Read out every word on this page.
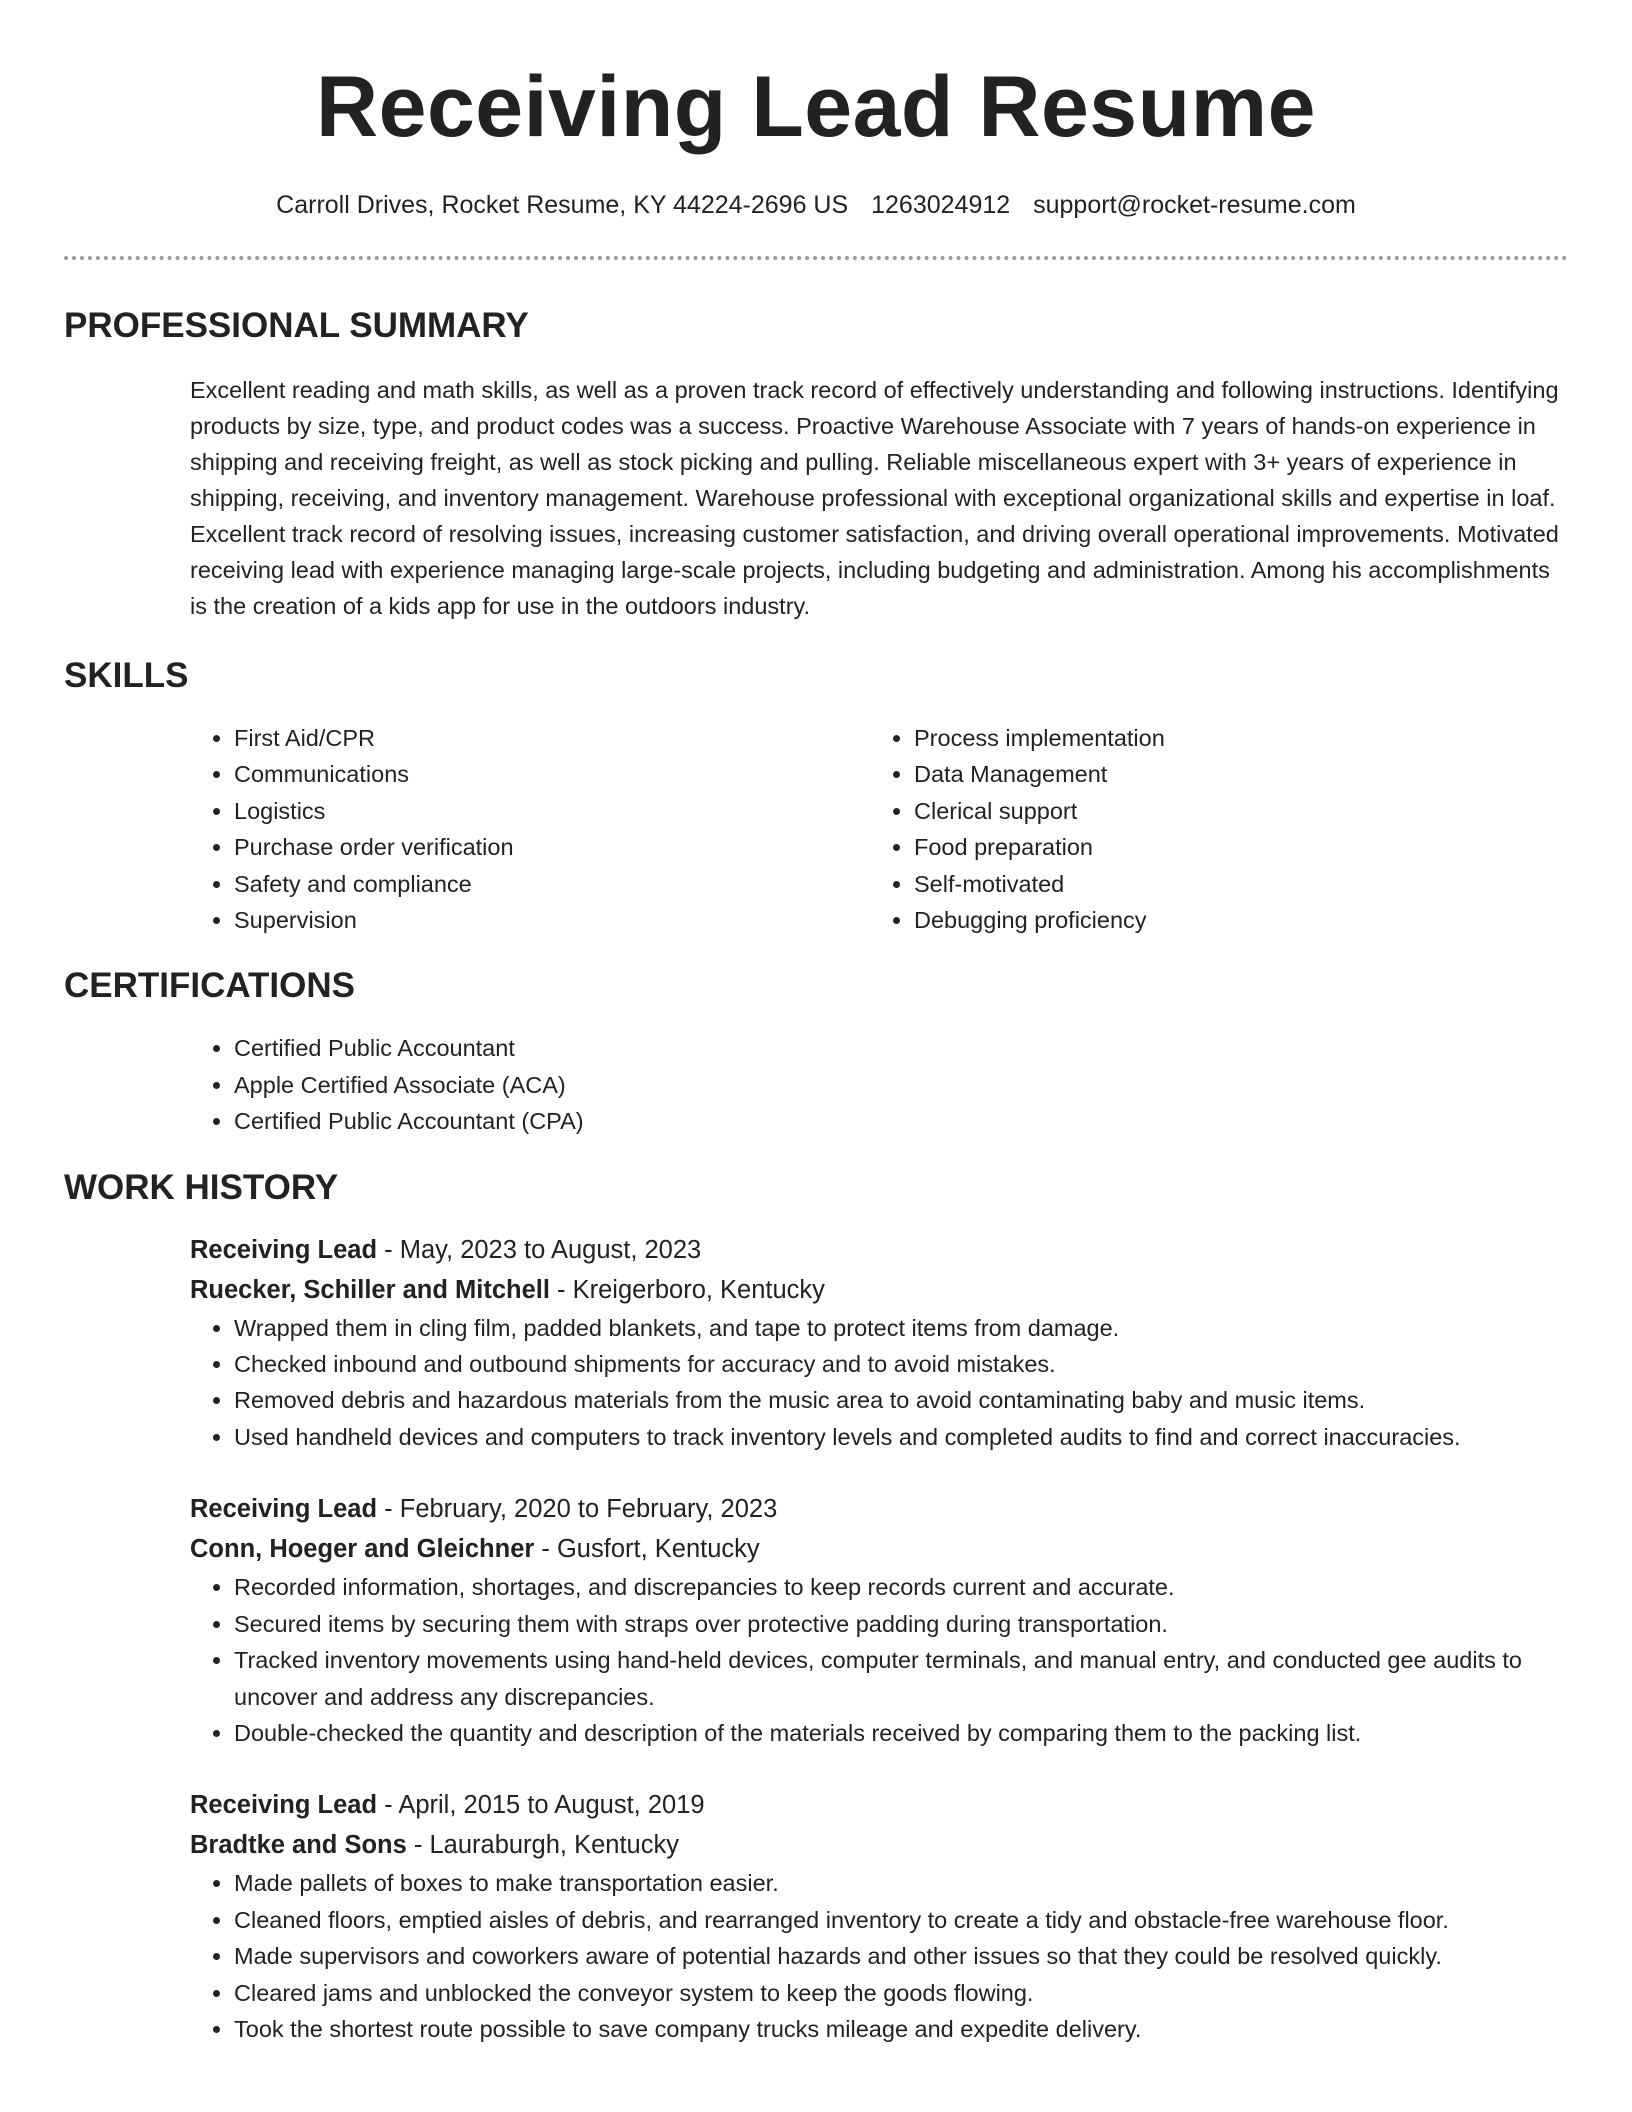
Receiving Lead Resume
Carroll Drives, Rocket Resume, KY 44224-2696 US 1263024912 support@rocket-resume.com
PROFESSIONAL SUMMARY

Excellent reading and math skills, as well as a proven track record of effectively understanding and following instructions. Identifying products by size, type, and product codes was a success. Proactive Warehouse Associate with 7 years of hands-on experience in shipping and receiving freight, as well as stock picking and pulling. Reliable miscellaneous expert with 3+ years of experience in shipping, receiving, and inventory management. Warehouse professional with exceptional organizational skills and expertise in loaf. Excellent track record of resolving issues, increasing customer satisfaction, and driving overall operational improvements. Motivated receiving lead with experience managing large-scale projects, including budgeting and administration. Among his accomplishments is the creation of a kids app for use in the outdoors industry.

SKILLS
• First Aid/CPR
• Communications
• Logistics
• Purchase order verification
• Safety and compliance
• Supervision
• Process implementation
• Data Management
• Clerical support
• Food preparation
• Self-motivated
• Debugging proficiency
CERTIFICATIONS
• Certified Public Accountant
• Apple Certified Associate (ACA)
• Certified Public Accountant (CPA)
WORK HISTORY
Receiving Lead - May, 2023 to August, 2023
Ruecker, Schiller and Mitchell - Kreigerboro, Kentucky
• Wrapped them in cling film, padded blankets, and tape to protect items from damage.
• Checked inbound and outbound shipments for accuracy and to avoid mistakes.
• Removed debris and hazardous materials from the music area to avoid contaminating baby and music items.
• Used handheld devices and computers to track inventory levels and completed audits to find and correct inaccuracies.
Receiving Lead - February, 2020 to February, 2023
Conn, Hoeger and Gleichner - Gusfort, Kentucky
• Recorded information, shortages, and discrepancies to keep records current and accurate.
• Secured items by securing them with straps over protective padding during transportation.
• Tracked inventory movements using hand-held devices, computer terminals, and manual entry, and conducted gee audits to uncover and address any discrepancies.
• Double-checked the quantity and description of the materials received by comparing them to the packing list.
Receiving Lead - April, 2015 to August, 2019
Bradtke and Sons - Lauraburgh, Kentucky
• Made pallets of boxes to make transportation easier.
• Cleaned floors, emptied aisles of debris, and rearranged inventory to create a tidy and obstacle-free warehouse floor.
• Made supervisors and coworkers aware of potential hazards and other issues so that they could be resolved quickly.
• Cleared jams and unblocked the conveyor system to keep the goods flowing.
• Took the shortest route possible to save company trucks mileage and expedite delivery.
